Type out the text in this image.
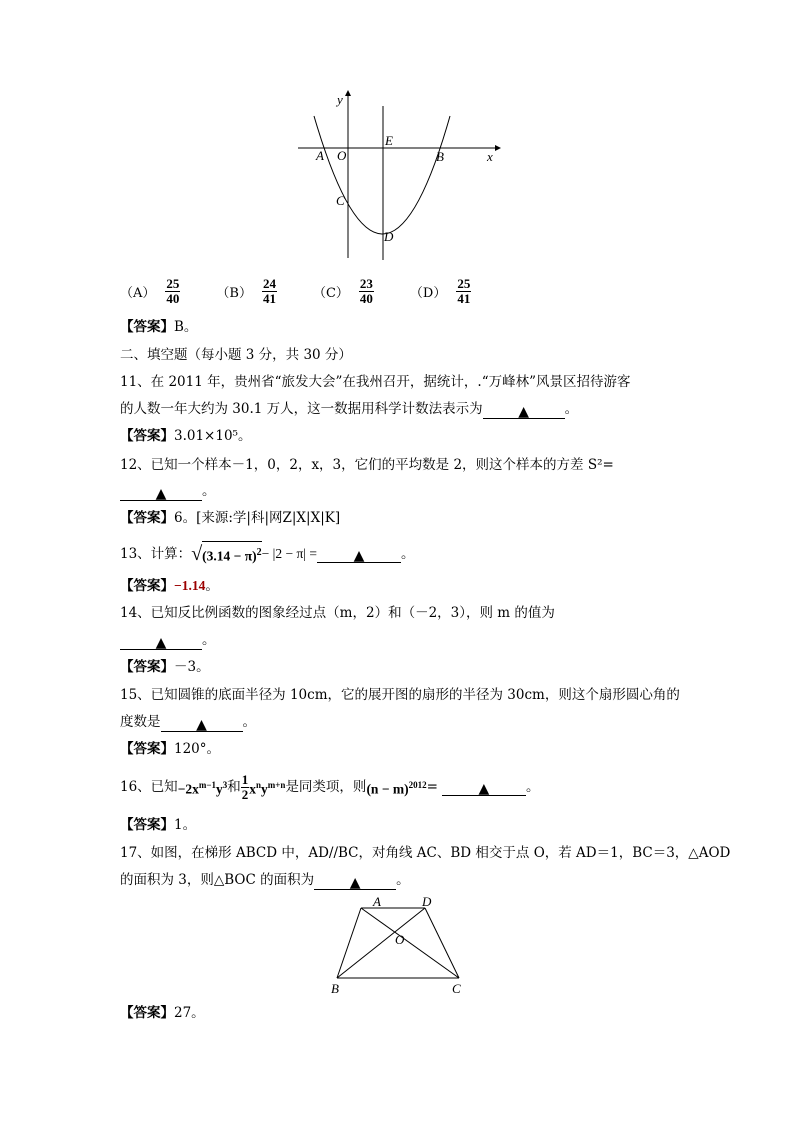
y
x
A O
E
B
C
D
$(A) \frac{25}{40}$	$(B) \frac{24}{41}$	$(C) \frac{23}{40}$	$(D) \frac{25}{41}$
【答案】B。
二、填空题（每小题 3 分，共 30 分）
11、在 2011 年，贵州省“旅发大会”在我州召开，据统计，.“万峰林”风景区招待游客
的人数一年大约为 30.1 万人，这一数据用科学计数法表示为	▲	。
【答案】3.01×10⁵。
12、已知一个样本－1，0，2，x，3，它们的平均数是 2，则这个样本的方差 S²=
▲	。
【答案】6。[来源:学|科|网Z|X|X|K]
13、计算： √ $(3.14 - \pi)^2 - |2 - \pi|$ =	▲	。
【答案】−1.14。
14、已知反比例函数的图象经过点（m，2）和（－2，3），则 m 的值为
▲	。
【答案】－3。
15、已知圆锥的底面半径为 10cm，它的展开图的扇形的半径为 30cm，则这个扇形圆心角的
度数是	▲	。
【答案】120°。
16、已知 $-2x^{m-1}y^3$ 和 $\frac{1}{2} x^ny^{m+n}$ 是同类项，则 $(n - m)^{2012}$ =	▲	。
【答案】1。
17、如图，在梯形 ABCD 中，AD//BC，对角线 AC、BD 相交于点 O，若 AD＝1，BC＝3，△AOD
的面积为 3，则△BOC 的面积为	▲	。
A	D
O
B	C
【答案】27。
